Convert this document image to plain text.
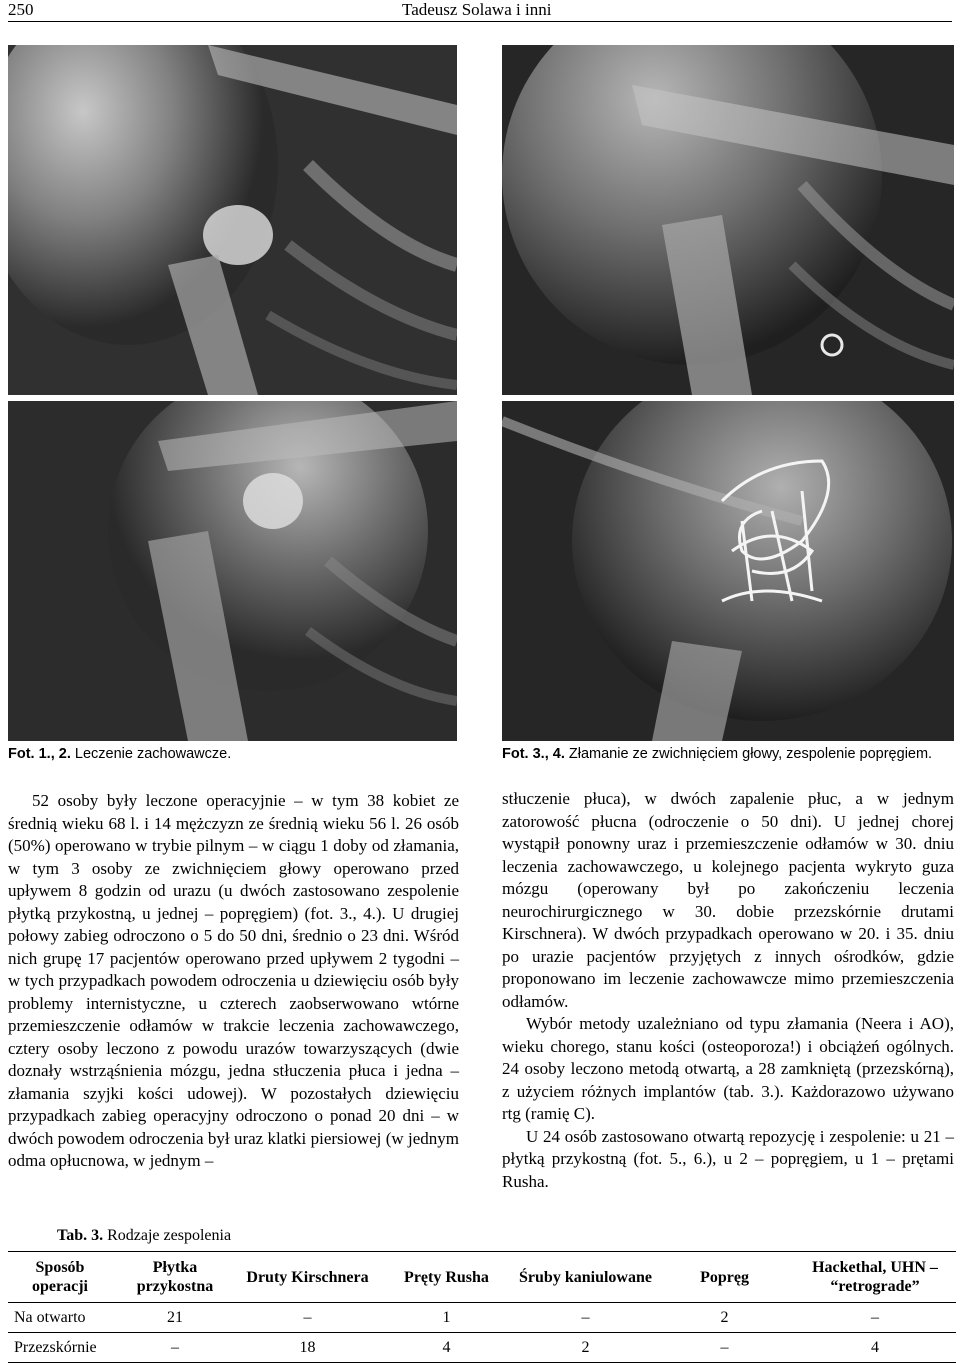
250	Tadeusz Solawa i inni
Fot. 1., 2. Leczenie zachowawcze.	Fot. 3., 4. Złamanie ze zwichnięciem głowy, zespolenie popręgiem.

52 osoby były leczone operacyjnie – w tym 38 kobiet ze średnią wieku 68 l. i 14 mężczyzn ze średnią wieku 56 l. 26 osób (50%) operowano w trybie pilnym – w ciągu 1 doby od złamania, w tym 3 osoby ze zwichnięciem głowy operowano przed upływem 8 godzin od urazu (u dwóch zastosowano zespolenie płytką przykostną, u jednej – popręgiem) (fot. 3., 4.). U drugiej połowy zabieg odroczono o 5 do 50 dni, średnio o 23 dni. Wśród nich grupę 17 pacjentów operowano przed upływem 2 tygodni – w tych przypadkach powodem odroczenia u dziewięciu osób były problemy internistyczne, u czterech zaobserwowano wtórne przemieszczenie odłamów w trakcie leczenia zachowawczego, cztery osoby leczono z powodu urazów towarzyszących (dwie doznały wstrząśnienia mózgu, jedna stłuczenia płuca i jedna – złamania szyjki kości udowej). W pozostałych dziewięciu przypadkach zabieg operacyjny odroczono o ponad 20 dni – w dwóch powodem odroczenia był uraz klatki piersiowej (w jednym odma opłucnowa, w jednym –

stłuczenie płuca), w dwóch zapalenie płuc, a w jednym zatorowość płucna (odroczenie o 50 dni). U jednej chorej wystąpił ponowny uraz i przemieszczenie odłamów w 30. dniu leczenia zachowawczego, u kolejnego pacjenta wykryto guza mózgu (operowany był po zakończeniu leczenia neurochirurgicznego w 30. dobie przezskórnie drutami Kirschnera). W dwóch przypadkach operowano w 20. i 35. dniu po urazie pacjentów przyjętych z innych ośrodków, gdzie proponowano im leczenie zachowawcze mimo przemieszczenia odłamów.

Wybór metody uzależniano od typu złamania (Neera i AO), wieku chorego, stanu kości (osteoporoza!) i obciążeń ogólnych. 24 osoby leczono metodą otwartą, a 28 zamkniętą (przezskórną), z użyciem różnych implantów (tab. 3.). Każdorazowo używano rtg (ramię C).

U 24 osób zastosowano otwartą repozycję i zespolenie: u 21 – płytką przykostną (fot. 5., 6.), u 2 – popręgiem, u 1 – prętami Rusha.

Tab. 3. Rodzaje zespolenia
Sposób operacji	Płytka przykostna	Druty Kirschnera	Pręty Rusha	Śruby kaniulowane	Popręg	Hackethal, UHN – “retrograde”
Na otwarto	21	–	1	–	2	–
Przezskórnie	–	18	4	2	–	4
